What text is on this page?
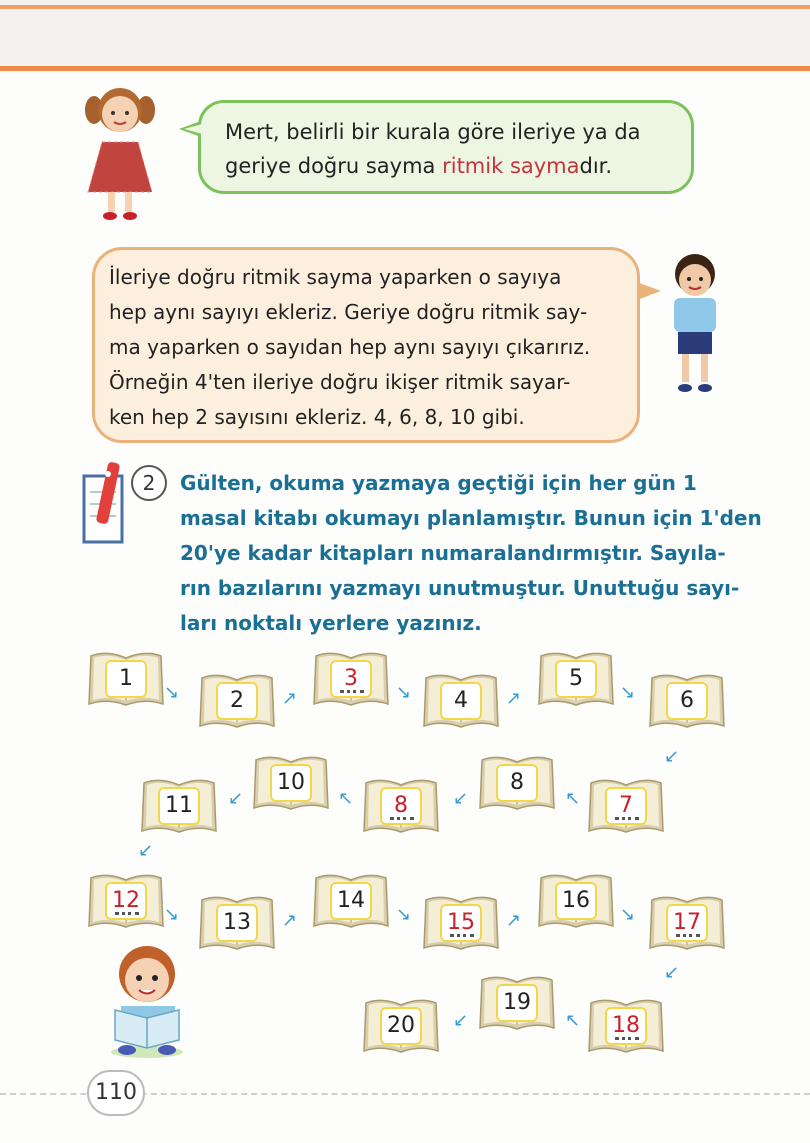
Mert, belirli bir kurala göre ileriye ya da
geriye doğru sayma ritmik saymadır.
İleriye doğru ritmik sayma yaparken o sayıya
hep aynı sayıyı ekleriz. Geriye doğru ritmik say-
ma yaparken o sayıdan hep aynı sayıyı çıkarırız.
Örneğin 4'ten ileriye doğru ikişer ritmik sayar-
ken hep 2 sayısını ekleriz. 4, 6, 8, 10 gibi.
2	Gülten, okuma yazmaya geçtiği için her gün 1
masal kitabı okumayı planlamıştır. Bunun için 1'den
20'ye kadar kitapları numaralandırmıştır. Sayıla-
rın bazılarını yazmayı unutmuştur. Unuttuğu sayı-
ları noktalı yerlere yazınız.
1
2
3
4
5
6
7
8
8
10
11
12
13
14
15
16
17
18
19
20
↘	↗	↘	↗	↘
↙
↖
↙
↖
↙
↙
↘	↗	↘	↗	↘
↙
↖
↙
110
